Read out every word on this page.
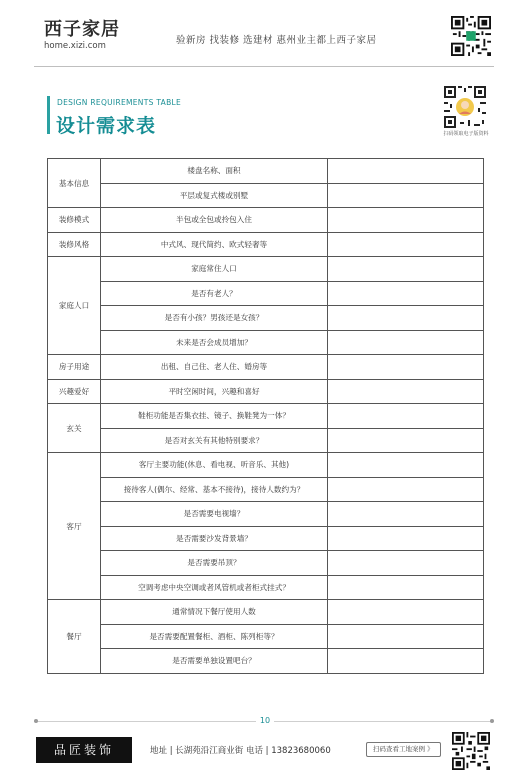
西子家居
home.xizi.com	验新房 找装修 选建材 惠州业主都上西子家居
DESIGN REQUIREMENTS TABLE
设计需求表	扫码领取电子版资料
基本信息	楼盘名称、面积	
	平层或复式楼或别墅	
装修模式	半包或全包或拎包入住	
装修风格	中式风、现代简约、欧式轻奢等	
家庭人口	家庭常住人口	
	是否有老人？	
	是否有小孩？男孩还是女孩？	
	未来是否会成员增加？	
房子用途	出租、自己住、老人住、婚房等	
兴趣爱好	平时空闲时间，兴趣和喜好	
玄关	鞋柜功能是否集衣挂、镜子、换鞋凳为一体？	
	是否对玄关有其他特别要求？	
客厅	客厅主要功能(休息、看电视、听音乐、其他)	
	接待客人(偶尔、经常、基本不接待)，接待人数约为？	
	是否需要电视墙？	
	是否需要沙发背景墙？	
	是否需要吊顶？	
	空调考虑中央空调或者风管机或者柜式挂式？	
餐厅	通常情况下餐厅使用人数	
	是否需要配置餐柜、酒柜、陈列柜等？	
	是否需要单独设置吧台？	
10
品匠装饰	地址 | 长湖苑沿江商业街 电话 | 13823680060	扫码查看工地案例 》
